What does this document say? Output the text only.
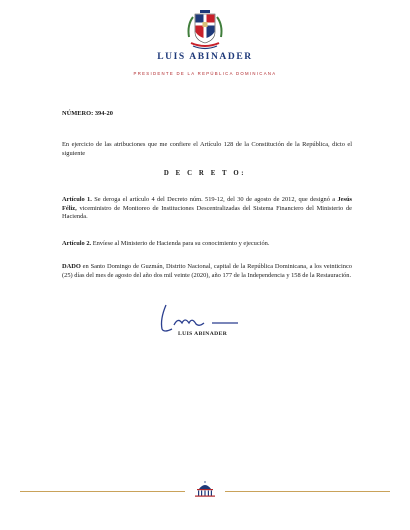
LUIS ABINADER
PRESIDENTE DE LA REPÚBLICA DOMINICANA
NÚMERO: 394-20
En ejercicio de las atribuciones que me confiere el Artículo 128 de la Constitución de la República, dicto el siguiente
D E C R E T O:
Artículo 1. Se deroga el artículo 4 del Decreto núm. 519-12, del 30 de agosto de 2012, que designó a Jesús Féliz, viceministro de Monitoreo de Instituciones Descentralizadas del Sistema Financiero del Ministerio de Hacienda.
Artículo 2. Envíese al Ministerio de Hacienda para su conocimiento y ejecución.
DADO en Santo Domingo de Guzmán, Distrito Nacional, capital de la República Dominicana, a los veinticinco (25) días del mes de agosto del año dos mil veinte (2020), año 177 de la Independencia y 158 de la Restauración.
LUIS ABINADER
